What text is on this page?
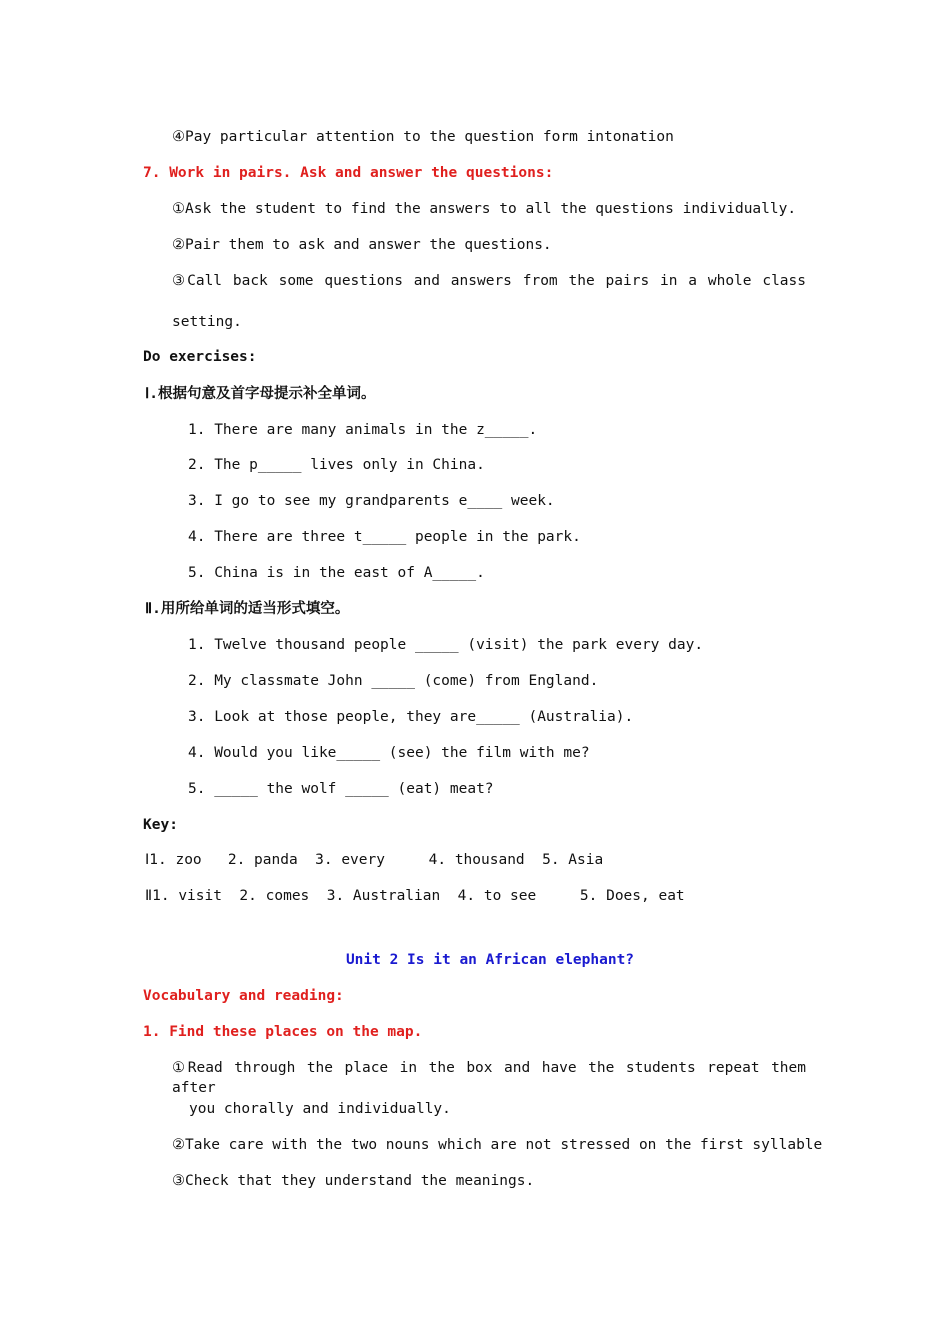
④Pay particular attention to the question form intonation
7. Work in pairs. Ask and answer the questions:
①Ask the student to find the answers to all the questions individually.
②Pair them to ask and answer the questions.
③Call back some questions and answers from the pairs in a whole class
setting.
Do exercises:
Ⅰ.根据句意及首字母提示补全单词。
1. There are many animals in the z_____.
2. The p_____ lives only in China.
3. I go to see my grandparents e____ week.
4. There are three t_____ people in the park.
5. China is in the east of A_____.
Ⅱ.用所给单词的适当形式填空。
1. Twelve thousand people _____ (visit) the park every day.
2. My classmate John _____ (come) from England.
3. Look at those people, they are_____ (Australia).
4. Would you like_____ (see) the film with me?
5. _____ the wolf _____ (eat) meat?
Key:
Ⅰ1. zoo   2. panda  3. every     4. thousand  5. Asia
Ⅱ1. visit  2. comes  3. Australian  4. to see     5. Does, eat
Unit 2 Is it an African elephant?
Vocabulary and reading:
1. Find these places on the map.
①Read through the place in the box and have the students repeat them after
you chorally and individually.
②Take care with the two nouns which are not stressed on the first syllable
③Check that they understand the meanings.
